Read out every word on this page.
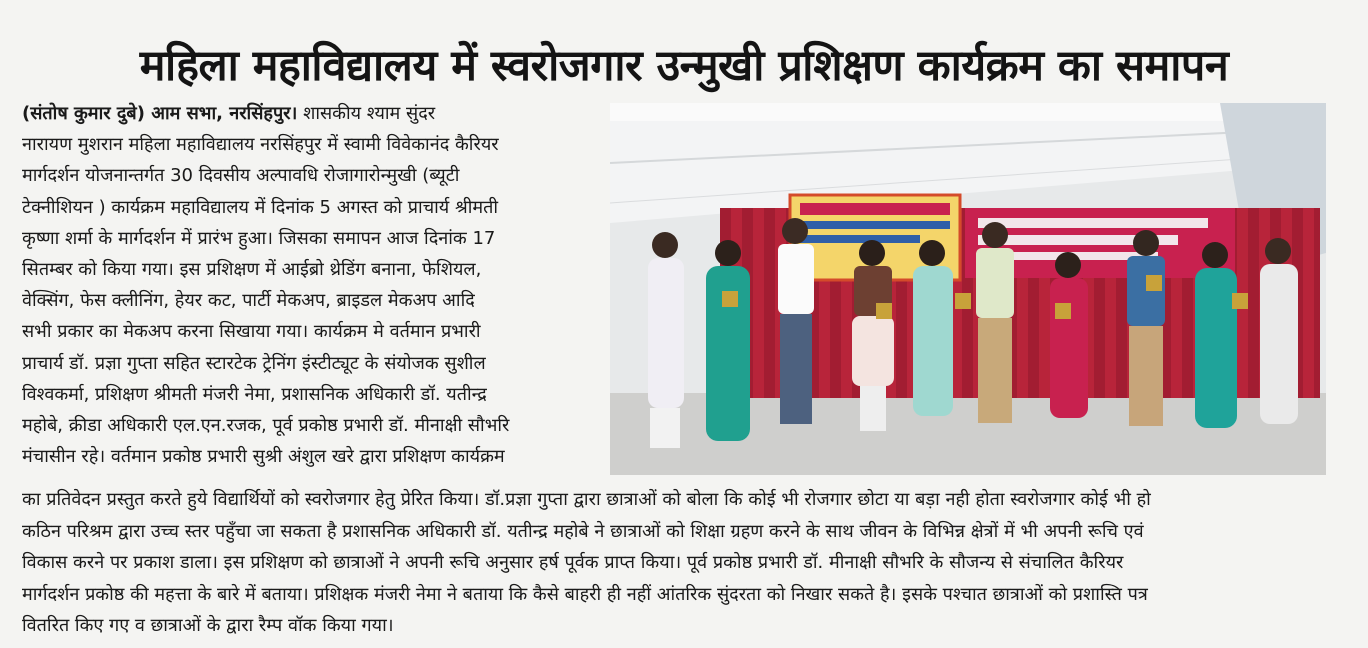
महिला महाविद्यालय में स्वरोजगार उन्मुखी प्रशिक्षण कार्यक्रम का समापन
(संतोष कुमार दुबे) आम सभा, नरसिंहपुर। शासकीय श्याम सुंदर
नारायण मुशरान महिला महाविद्यालय नरसिंहपुर में स्वामी विवेकानंद कैरियर
मार्गदर्शन योजनान्तर्गत 30 दिवसीय अल्पावधि रोजागारोन्मुखी (ब्यूटी
टेक्नीशियन ) कार्यक्रम महाविद्यालय में दिनांक 5 अगस्त को प्राचार्य श्रीमती
कृष्णा शर्मा के मार्गदर्शन में प्रारंभ हुआ। जिसका समापन आज दिनांक 17
सितम्बर को किया गया। इस प्रशिक्षण में आईब्रो थ्रेडिंग बनाना, फेशियल,
वेक्सिंग, फेस क्लीनिंग, हेयर कट, पार्टी मेकअप, ब्राइडल मेकअप आदि
सभी प्रकार का मेकअप करना सिखाया गया। कार्यक्रम मे वर्तमान प्रभारी
प्राचार्य डॉ. प्रज्ञा गुप्ता सहित स्टारटेक ट्रेनिंग इंस्टीट्यूट के संयोजक सुशील
विश्वकर्मा, प्रशिक्षण श्रीमती मंजरी नेमा, प्रशासनिक अधिकारी डॉ. यतीन्द्र
महोबे, क्रीडा अधिकारी एल.एन.रजक, पूर्व प्रकोष्ठ प्रभारी डॉ. मीनाक्षी सौभरि
मंचासीन रहे। वर्तमान प्रकोष्ठ प्रभारी सुश्री अंशुल खरे द्वारा प्रशिक्षण कार्यक्रम
का प्रतिवेदन प्रस्तुत करते हुये विद्यार्थियों को स्वरोजगार हेतु प्रेरित किया। डॉ.प्रज्ञा गुप्ता द्वारा छात्राओं को बोला कि कोई भी रोजगार छोटा या बड़ा नही होता स्वरोजगार कोई भी हो
कठिन परिश्रम द्वारा उच्च स्तर पहुँचा जा सकता है प्रशासनिक अधिकारी डॉ. यतीन्द्र महोबे ने छात्राओं को शिक्षा ग्रहण करने के साथ जीवन के विभिन्न क्षेत्रों में भी अपनी रूचि एवं
विकास करने पर प्रकाश डाला। इस प्रशिक्षण को छात्राओं ने अपनी रूचि अनुसार हर्ष पूर्वक प्राप्त किया। पूर्व प्रकोष्ठ प्रभारी डॉ. मीनाक्षी सौभरि के सौजन्य से संचालित कैरियर
मार्गदर्शन प्रकोष्ठ की महत्ता के बारे में बताया। प्रशिक्षक मंजरी नेमा ने बताया कि कैसे बाहरी ही नहीं आंतरिक सुंदरता को निखार सकते है। इसके पश्चात छात्राओं को प्रशास्ति पत्र
वितरित किए गए व छात्राओं के द्वारा रैम्प वॉक किया गया।
